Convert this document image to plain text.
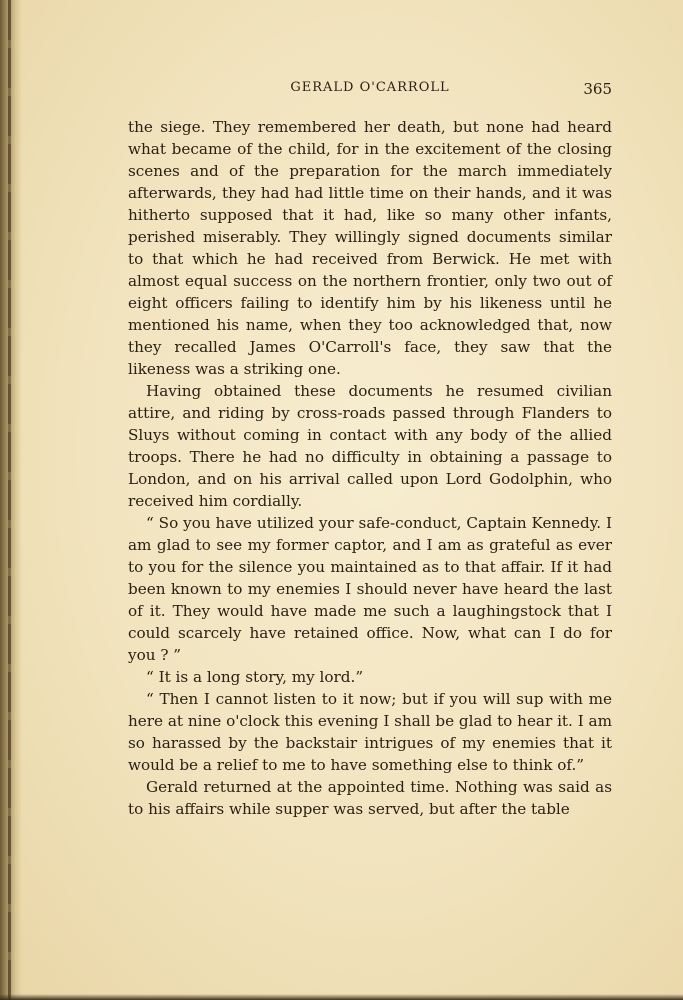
GERALD O'CARROLL	365

the siege. They remembered her death, but none had heard what became of the child, for in the excitement of the closing scenes and of the preparation for the march immediately afterwards, they had had little time on their hands, and it was hitherto supposed that it had, like so many other infants, perished miserably. They willingly signed documents similar to that which he had received from Berwick. He met with almost equal success on the northern frontier, only two out of eight officers failing to identify him by his likeness until he mentioned his name, when they too acknowledged that, now they recalled James O'Carroll's face, they saw that the likeness was a striking one.

Having obtained these documents he resumed civilian attire, and riding by cross-roads passed through Flanders to Sluys without coming in contact with any body of the allied troops. There he had no difficulty in obtaining a passage to London, and on his arrival called upon Lord Godolphin, who received him cordially.

“ So you have utilized your safe-conduct, Captain Kennedy. I am glad to see my former captor, and I am as grateful as ever to you for the silence you maintained as to that affair. If it had been known to my enemies I should never have heard the last of it. They would have made me such a laughingstock that I could scarcely have retained office. Now, what can I do for you ? ”

“ It is a long story, my lord.”

“ Then I cannot listen to it now; but if you will sup with me here at nine o'clock this evening I shall be glad to hear it. I am so harassed by the backstair intrigues of my enemies that it would be a relief to me to have something else to think of.”

Gerald returned at the appointed time. Nothing was said as to his affairs while supper was served, but after the table
